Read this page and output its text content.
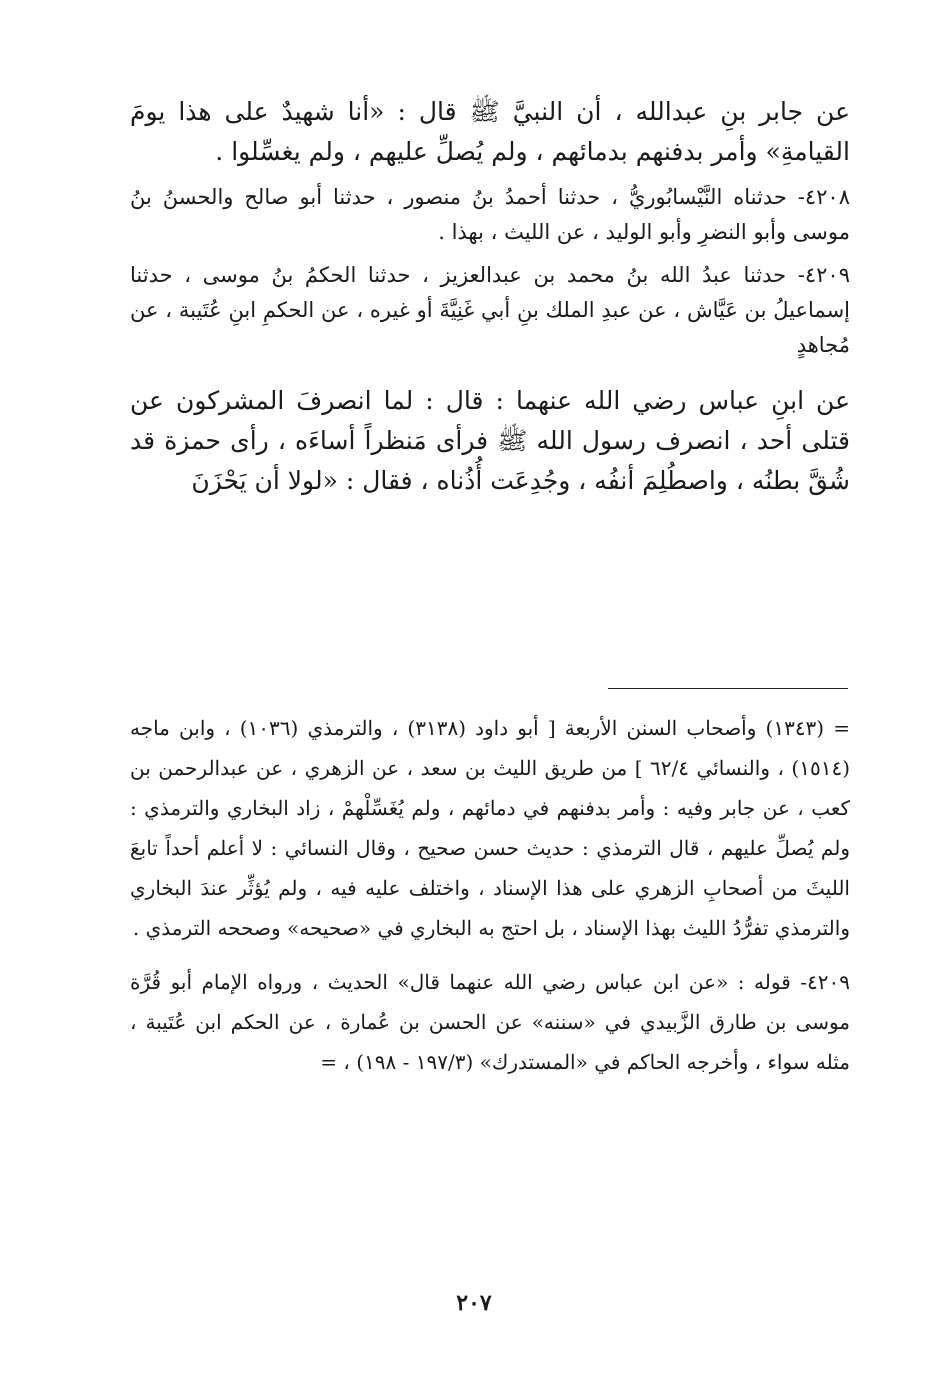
عن جابر بنِ عبدالله ، أن النبيَّ ﷺ قال : «أنا شهيدٌ على هذا يومَ القيامةِ» وأمر بدفنهم بدمائهم ، ولم يُصلِّ عليهم ، ولم يغسِّلوا .

٤٢٠٨- حدثناه النَّيْسابُوريُّ ، حدثنا أحمدُ بنُ منصور ، حدثنا أبو صالح والحسنُ بنُ موسى وأبو النضرِ وأبو الوليد ، عن الليث ، بهذا .

٤٢٠٩- حدثنا عبدُ الله بنُ محمد بن عبدالعزيز ، حدثنا الحكمُ بنُ موسى ، حدثنا إسماعيلُ بن عَيَّاش ، عن عبدِ الملك بنِ أبي غَنِيَّةَ أو غيره ، عن الحكمِ ابنِ عُتَيبة ، عن مُجاهدٍ

عن ابنِ عباس رضي الله عنهما : قال : لما انصرفَ المشركون عن قتلى أحد ، انصرف رسول الله ﷺ فرأى مَنظراً أساءَه ، رأى حمزة قد شُقَّ بطنُه ، واصطُلِمَ أنفُه ، وجُدِعَت أُذُناه ، فقال : «لولا أن يَحْزَنَ

= (١٣٤٣) وأصحاب السنن الأربعة [ أبو داود (٣١٣٨) ، والترمذي (١٠٣٦) ، وابن ماجه (١٥١٤) ، والنسائي ٦٢/٤ ] من طريق الليث بن سعد ، عن الزهري ، عن عبدالرحمن بن كعب ، عن جابر وفيه : وأمر بدفنهم في دمائهم ، ولم يُغَسِّلْهمْ ، زاد البخاري والترمذي : ولم يُصلِّ عليهم ، قال الترمذي : حديث حسن صحيح ، وقال النسائي : لا أعلم أحداً تابعَ الليثَ من أصحابِ الزهري على هذا الإسناد ، واختلف عليه فيه ، ولم يُؤثِّر عندَ البخاري والترمذي تفرُّدُ الليث بهذا الإسناد ، بل احتج به البخاري في «صحيحه» وصححه الترمذي .

٤٢٠٩- قوله : «عن ابن عباس رضي الله عنهما قال» الحديث ، ورواه الإمام أبو قُرَّة موسى بن طارق الزَّبيدي في «سننه» عن الحسن بن عُمارة ، عن الحكم ابن عُتَيبة ، مثله سواء ، وأخرجه الحاكم في «المستدرك» (١٩٧/٣ - ١٩٨) ، =

٢٠٧
